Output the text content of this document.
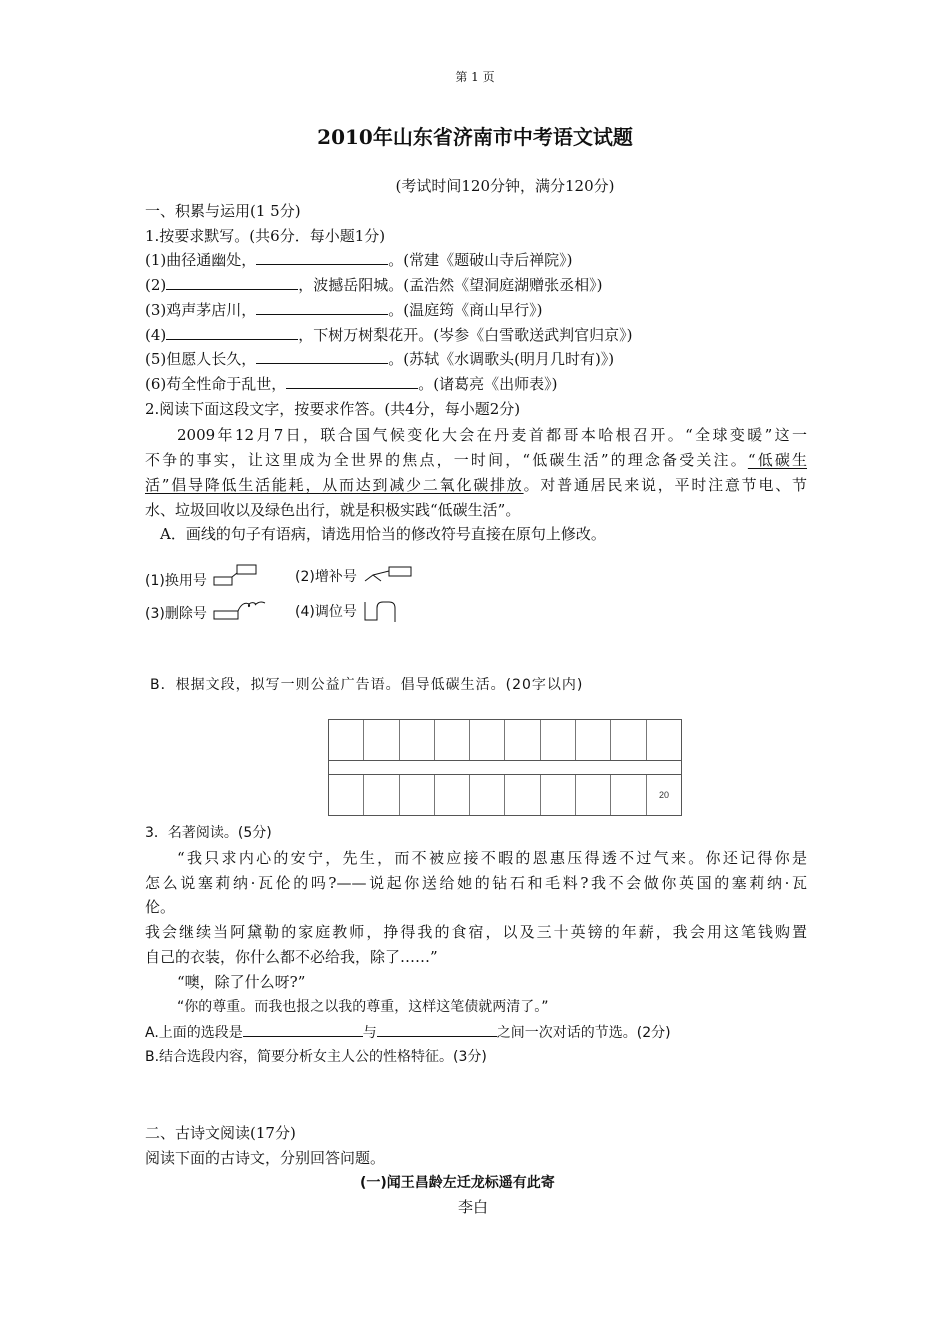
第 1 页
2010年山东省济南市中考语文试题
(考试时间120分钟，满分120分)
一、积累与运用(1 5分)
1.按要求默写。(共6分．每小题1分)
(1)曲径通幽处，	。(常建《题破山寺后禅院》)
(2)	，波撼岳阳城。(孟浩然《望洞庭湖赠张丞相》)
(3)鸡声茅店川，	。(温庭筠《商山早行》)
(4)	，下树万树梨花开。(岑参《白雪歌送武判官归京》)
(5)但愿人长久，	。(苏轼《水调歌头(明月几时有)》)
(6)苟全性命于乱世，	。(诸葛亮《出师表》)
2.阅读下面这段文字，按要求作答。(共4分，每小题2分)
2009年12月7日，联合国气候变化大会在丹麦首都哥本哈根召开。“全球变暖”这一
不争的事实，让这里成为全世界的焦点，一时间，“低碳生活”的理念备受关注。“低碳生
活”倡导降低生活能耗，从而达到减少二氧化碳排放。对普通居民来说，平时注意节电、节
水、垃圾回收以及绿色出行，就是积极实践“低碳生活”。
A．画线的句子有语病，请选用恰当的修改符号直接在原句上修改。
(1)换用号	(2)增补号
(3)删除号	(4)调位号
B．根据文段，拟写一则公益广告语。倡导低碳生活。(20字以内)
20
3．名著阅读。(5分)
“我只求内心的安宁，先生，而不被应接不暇的恩惠压得透不过气来。你还记得你是
怎么说塞莉纳·瓦伦的吗?——说起你送给她的钻石和毛料?我不会做你英国的塞莉纳·瓦
伦。
我会继续当阿黛勒的家庭教师，挣得我的食宿，以及三十英镑的年薪，我会用这笔钱购置
自己的衣装，你什么都不必给我，除了……”
“噢，除了什么呀?”
“你的尊重。而我也报之以我的尊重，这样这笔债就两清了。”
A.上面的选段是	与	之间一次对话的节选。(2分)
B.结合选段内容，简要分析女主人公的性格特征。(3分)
二、古诗文阅读(17分)
阅读下面的古诗文，分别回答问题。
(一)闻王昌龄左迁龙标遥有此寄
李白
